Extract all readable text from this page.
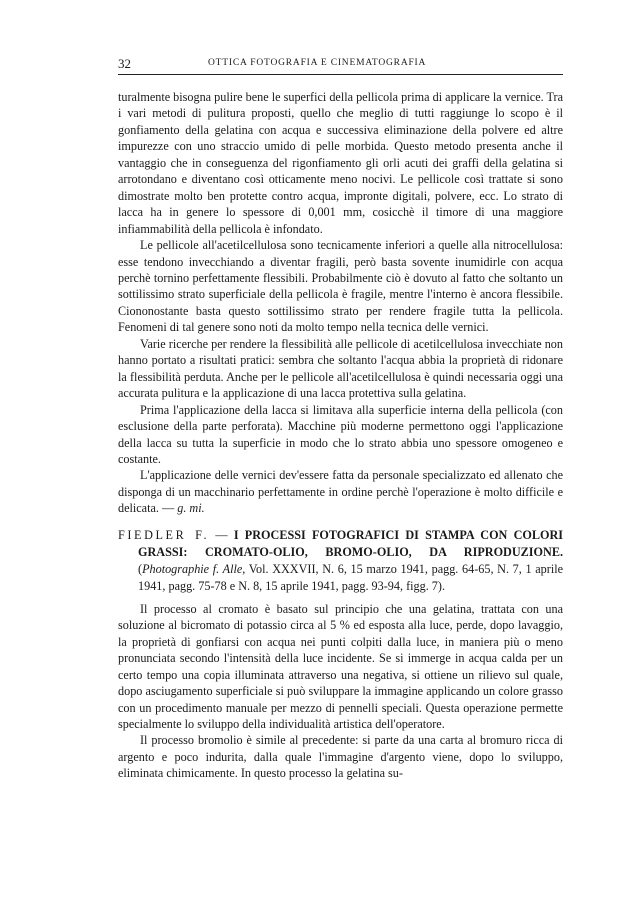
32	OTTICA FOTOGRAFIA E CINEMATOGRAFIA

turalmente bisogna pulire bene le superfici della pellicola prima di applicare la vernice. Tra i vari metodi di pulitura proposti, quello che meglio di tutti raggiunge lo scopo è il gonfiamento della gelatina con acqua e successiva eliminazione della polvere ed altre impurezze con uno straccio umido di pelle morbida. Questo metodo presenta anche il vantaggio che in conseguenza del rigonfiamento gli orli acuti dei graffi della gelatina si arrotondano e diventano così otticamente meno nocivi. Le pellicole così trattate si sono dimostrate molto ben protette contro acqua, impronte digitali, polvere, ecc. Lo strato di lacca ha in genere lo spessore di 0,001 mm, cosicchè il timore di una maggiore infiammabilità della pellicola è infondato.

Le pellicole all'acetilcellulosa sono tecnicamente inferiori a quelle alla nitrocellulosa: esse tendono invecchiando a diventar fragili, però basta sovente inumidirle con acqua perchè tornino perfettamente flessibili. Probabilmente ciò è dovuto al fatto che soltanto un sottilissimo strato superficiale della pellicola è fragile, mentre l'interno è ancora flessibile. Ciononostante basta questo sottilissimo strato per rendere fragile tutta la pellicola. Fenomeni di tal genere sono noti da molto tempo nella tecnica delle vernici.

Varie ricerche per rendere la flessibilità alle pellicole di acetilcellulosa invecchiate non hanno portato a risultati pratici: sembra che soltanto l'acqua abbia la proprietà di ridonare la flessibilità perduta. Anche per le pellicole all'acetilcellulosa è quindi necessaria oggi una accurata pulitura e la applicazione di una lacca protettiva sulla gelatina.

Prima l'applicazione della lacca si limitava alla superficie interna della pellicola (con esclusione della parte perforata). Macchine più moderne permettono oggi l'applicazione della lacca su tutta la superficie in modo che lo strato abbia uno spessore omogeneo e costante.

L'applicazione delle vernici dev'essere fatta da personale specializzato ed allenato che disponga di un macchinario perfettamente in ordine perchè l'operazione è molto difficile e delicata. — g. mi.

FIEDLER F. — I PROCESSI FOTOGRAFICI DI STAMPA CON COLORI GRASSI: CROMATO-OLIO, BROMO-OLIO, DA RIPRODUZIONE. (Photographie f. Alle, Vol. XXXVII, N. 6, 15 marzo 1941, pagg. 64-65, N. 7, 1 aprile 1941, pagg. 75-78 e N. 8, 15 aprile 1941, pagg. 93-94, figg. 7).

Il processo al cromato è basato sul principio che una gelatina, trattata con una soluzione al bicromato di potassio circa al 5 % ed esposta alla luce, perde, dopo lavaggio, la proprietà di gonfiarsi con acqua nei punti colpiti dalla luce, in maniera più o meno pronunciata secondo l'intensità della luce incidente. Se si immerge in acqua calda per un certo tempo una copia illuminata attraverso una negativa, si ottiene un rilievo sul quale, dopo asciugamento superficiale si può sviluppare la immagine applicando un colore grasso con un procedimento manuale per mezzo di pennelli speciali. Questa operazione permette specialmente lo sviluppo della individualità artistica dell'operatore.

Il processo bromolio è simile al precedente: si parte da una carta al bromuro ricca di argento e poco indurita, dalla quale l'immagine d'argento viene, dopo lo sviluppo, eliminata chimicamente. In questo processo la gelatina su-
